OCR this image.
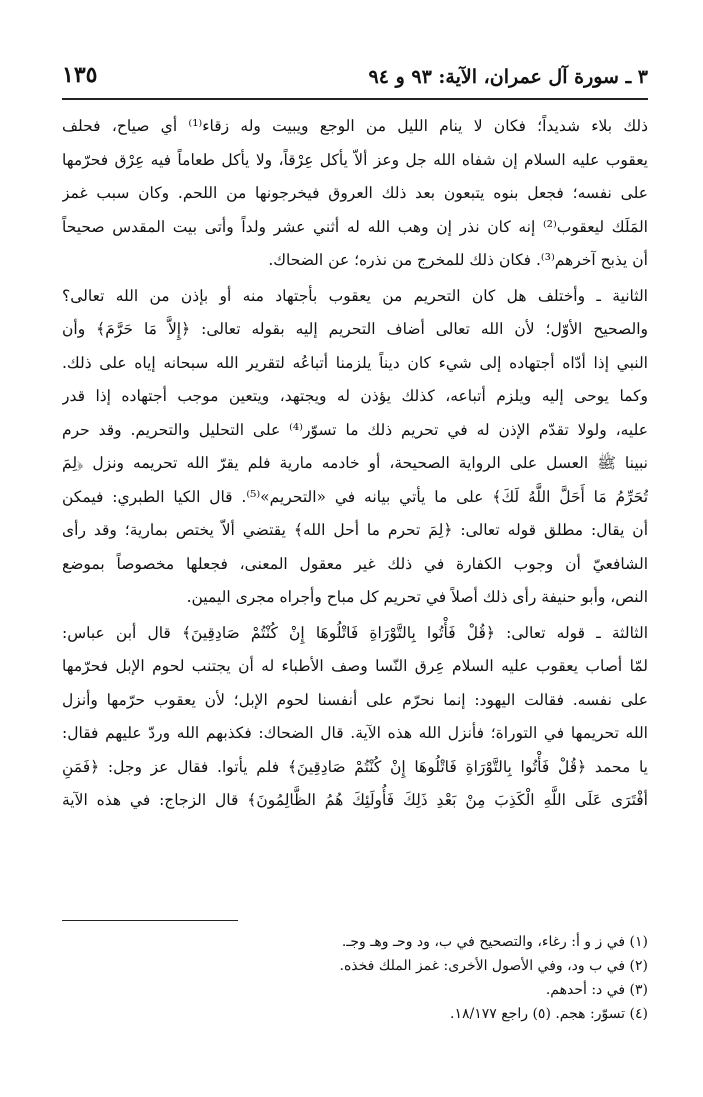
٣ ـ سورة آل عمران، الآية: ٩٣ و ٩٤
١٣٥

ذلك بلاء شديداً؛ فكان لا ينام الليل من الوجع ويبيت وله زقاء⁽¹⁾ أي صياح، فحلف
يعقوب عليه السلام إن شفاه الله جل وعز ألاّ يأكل عِرْقاً، ولا يأكل طعاماً فيه عِرْق فحرّمها
على نفسه؛ فجعل بنوه يتبعون بعد ذلك العروق فيخرجونها من اللحم. وكان سبب غمز
المَلَك ليعقوب⁽²⁾ إنه كان نذر إن وهب الله له أثني عشر ولداً وأتى بيت المقدس صحيحاً
أن يذبح آخرهم⁽³⁾. فكان ذلك للمخرج من نذره؛ عن الضحاك.

الثانية ـ وأختلف هل كان التحريم من يعقوب بأجتهاد منه أو بإذن من الله تعالى؟
والصحيح الأوّل؛ لأن الله تعالى أضاف التحريم إليه بقوله تعالى: ﴿إِلاَّ مَا حَرَّمَ﴾ وأن
النبي إذا أدّاه أجتهاده إلى شيء كان ديناً يلزمنا أتباعُه لتقرير الله سبحانه إياه على ذلك.
وكما يوحى إليه ويلزم أتباعه، كذلك يؤذن له ويجتهد، ويتعين موجب أجتهاده إذا قدر
عليه، ولولا تقدّم الإذن له في تحريم ذلك ما تسوّر⁽⁴⁾ على التحليل والتحريم. وقد حرم
نبينا ﷺ العسل على الرواية الصحيحة، أو خادمه مارية فلم يقرّ الله تحريمه ونزل ﴿لِمَ
تُحَرِّمُ مَا أَحَلَّ اللَّهُ لَكَ﴾ على ما يأتي بيانه في «التحريم»⁽⁵⁾. قال الكيا الطبري: فيمكن
أن يقال: مطلق قوله تعالى: ﴿لِمَ تحرم ما أحل الله﴾ يقتضي ألاّ يختص بمارية؛ وقد رأى
الشافعيّ أن وجوب الكفارة في ذلك غير معقول المعنى، فجعلها مخصوصاً بموضع
النص، وأبو حنيفة رأى ذلك أصلاً في تحريم كل مباح وأجراه مجرى اليمين.

الثالثة ـ قوله تعالى: ﴿قُلْ فَأْتُوا بِالتَّوْرَاةِ فَاتْلُوهَا إِنْ كُنْتُمْ صَادِقِينَ﴾ قال أبن عباس:
لمّا أصاب يعقوب عليه السلام عِرق النّسا وصف الأطباء له أن يجتنب لحوم الإبل فحرّمها
على نفسه. فقالت اليهود: إنما نحرّم على أنفسنا لحوم الإبل؛ لأن يعقوب حرّمها وأنزل
الله تحريمها في التوراة؛ فأنزل الله هذه الآية. قال الضحاك: فكذبهم الله وردّ عليهم فقال:
يا محمد ﴿قُلْ فَأْتُوا بِالتَّوْرَاةِ فَاتْلُوهَا إِنْ كُنْتُمْ صَادِقِينَ﴾ فلم يأتوا. فقال عز وجل: ﴿فَمَنِ
أفْتَرَى عَلَى اللَّهِ الْكَذِبَ مِنْ بَعْدِ ذَلِكَ فَأُولَئِكَ هُمُ الظَّالِمُونَ﴾ قال الزجاج: في هذه الآية

(١) في ز و أ: رغاء، والتصحيح في ب، ود وحـ وهـ وجـ.
(٢) في ب ود، وفي الأصول الأخرى: غمز الملك فخذه.
(٣) في د: أحدهم.
(٤) تسوّر: هجم. (٥) راجع ١٨/١٧٧.
